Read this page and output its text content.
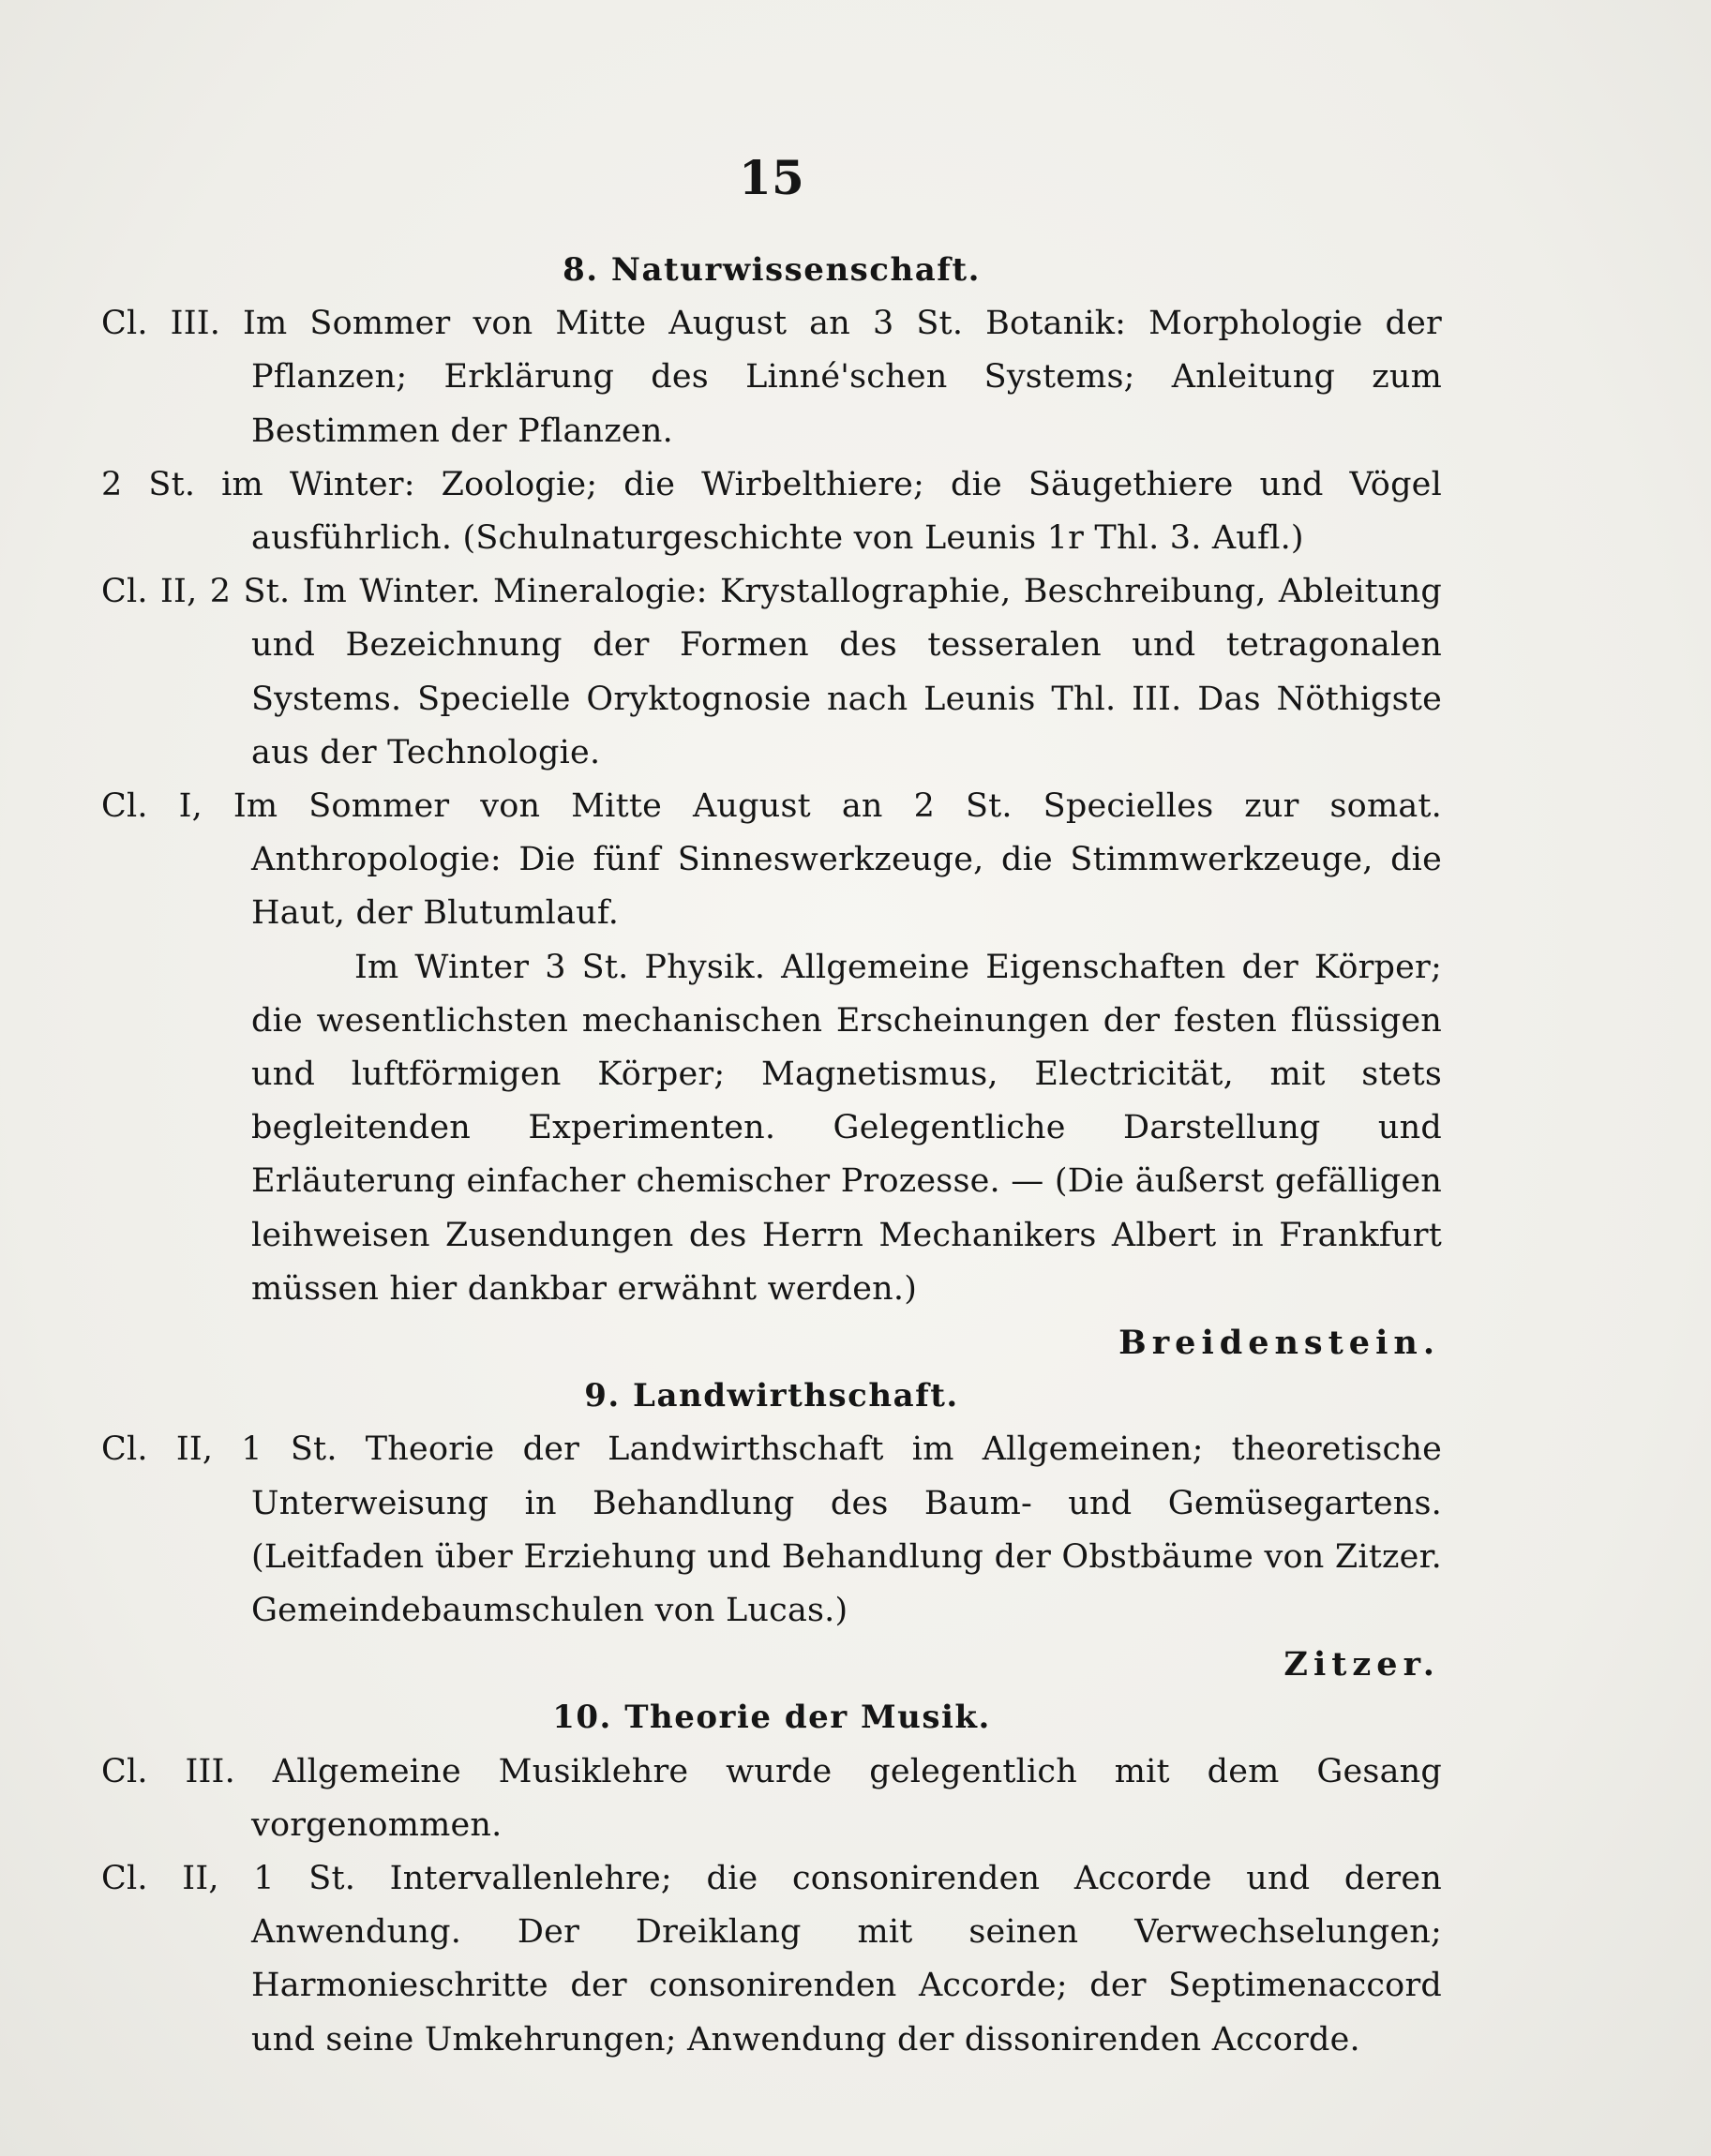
15
8. Naturwissenschaft.

Cl. III. Im Sommer von Mitte August an 3 St. Botanik: Morphologie der Pflanzen; Erklärung des Linné'schen Systems; Anleitung zum Bestimmen der Pflanzen.

2 St. im Winter: Zoologie; die Wirbelthiere; die Säugethiere und Vögel ausführlich. (Schulnaturgeschichte von Leunis 1r Thl. 3. Aufl.)

Cl. II, 2 St. Im Winter. Mineralogie: Krystallographie, Beschreibung, Ableitung und Bezeichnung der Formen des tesseralen und tetragonalen Systems. Specielle Oryktognosie nach Leunis Thl. III. Das Nöthigste aus der Technologie.

Cl. I, Im Sommer von Mitte August an 2 St. Specielles zur somat. Anthropologie: Die fünf Sinneswerkzeuge, die Stimmwerkzeuge, die Haut, der Blutumlauf.

Im Winter 3 St. Physik. Allgemeine Eigenschaften der Körper; die wesentlichsten mechanischen Erscheinungen der festen flüssigen und luftförmigen Körper; Magnetismus, Electricität, mit stets begleitenden Experimenten. Gelegentliche Darstellung und Erläuterung einfacher chemischer Prozesse. — (Die äußerst gefälligen leihweisen Zusendungen des Herrn Mechanikers Albert in Frankfurt müssen hier dankbar erwähnt werden.)

Breidenstein.
9. Landwirthschaft.

Cl. II, 1 St. Theorie der Landwirthschaft im Allgemeinen; theoretische Unterweisung in Behandlung des Baum- und Gemüsegartens. (Leitfaden über Erziehung und Behandlung der Obstbäume von Zitzer. Gemeindebaumschulen von Lucas.)

Zitzer.
10. Theorie der Musik.

Cl. III. Allgemeine Musiklehre wurde gelegentlich mit dem Gesang vorgenommen.

Cl. II, 1 St. Intervallenlehre; die consonirenden Accorde und deren Anwendung. Der Dreiklang mit seinen Verwechselungen; Harmonieschritte der consonirenden Accorde; der Septimenaccord und seine Umkehrungen; Anwendung der dissonirenden Accorde.
